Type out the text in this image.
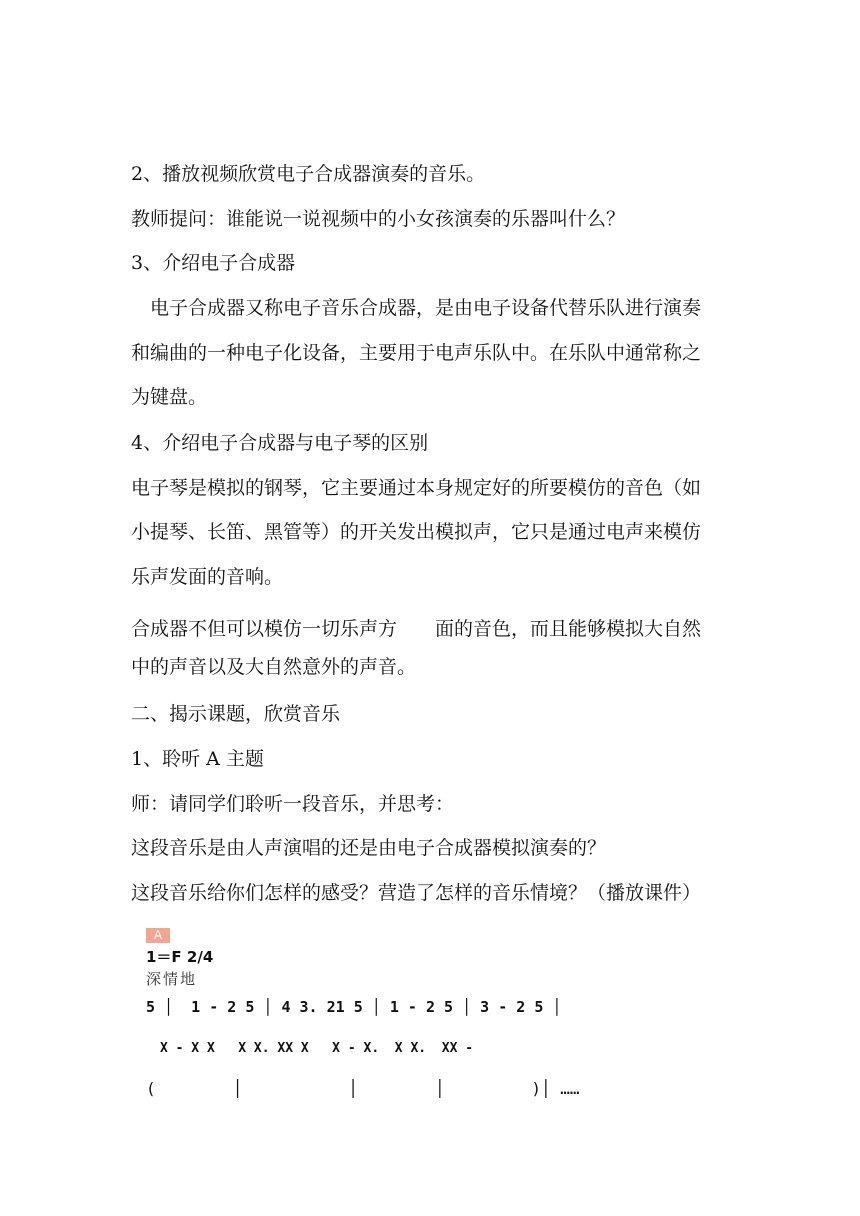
2、播放视频欣赏电子合成器演奏的音乐。
教师提问：谁能说一说视频中的小女孩演奏的乐器叫什么？
3、介绍电子合成器
电子合成器又称电子音乐合成器，是由电子设备代替乐队进行演奏
和编曲的一种电子化设备，主要用于电声乐队中。在乐队中通常称之
为键盘。
4、介绍电子合成器与电子琴的区别
电子琴是模拟的钢琴，它主要通过本身规定好的所要模仿的音色（如
小提琴、长笛、黑管等）的开关发出模拟声，它只是通过电声来模仿
乐声发面的音响。
合成器不但可以模仿一切乐声方　　面的音色，而且能够模拟大自然
中的声音以及大自然意外的声音。
二、揭示课题，欣赏音乐
1、聆听 A 主题
师：请同学们聆听一段音乐，并思考：
这段音乐是由人声演唱的还是由电子合成器模拟演奏的？
这段音乐给你们怎样的感受？营造了怎样的音乐情境？（播放课件）
A
1＝F 2/4
深情地
5 │  1 - 2 5 │ 4 3. 21 5 │ 1 - 2 5 │ 3 - 2 5 │
X - X X   X X. XX X   X - X.  X X.  XX -
(        │           │        │         )│ ……
